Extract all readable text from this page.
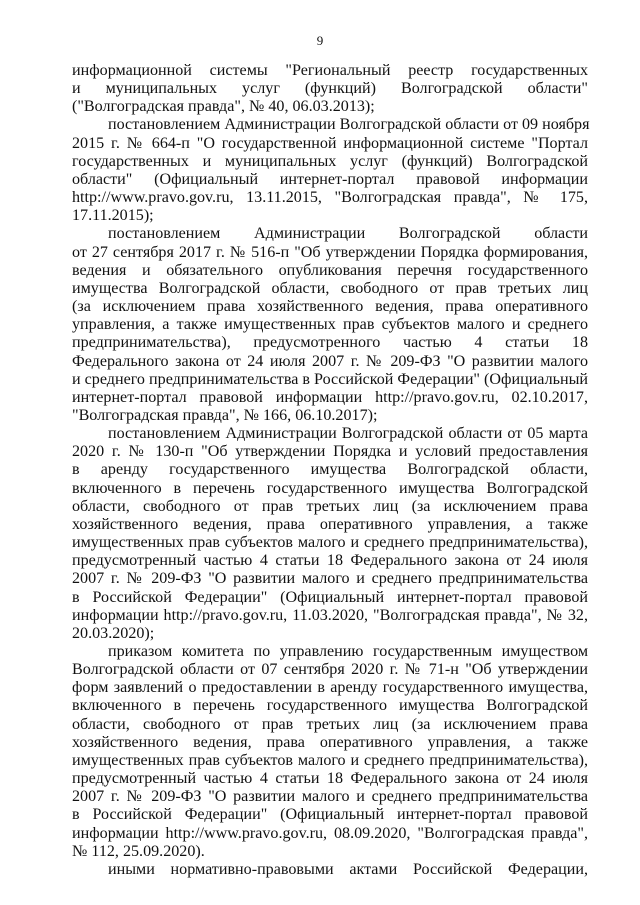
9

информационной системы "Региональный реестр государственных
и муниципальных услуг (функций) Волгоградской области"
("Волгоградская правда", № 40, 06.03.2013);

постановлением Администрации Волгоградской области от 09 ноября
2015 г. № 664-п "О государственной информационной системе "Портал
государственных и муниципальных услуг (функций) Волгоградской
области" (Официальный интернет-портал правовой информации
http://www.pravo.gov.ru, 13.11.2015, "Волгоградская правда", № 175,
17.11.2015);

постановлением Администрации Волгоградской области
от 27 сентября 2017 г. № 516-п "Об утверждении Порядка формирования,
ведения и обязательного опубликования перечня государственного
имущества Волгоградской области, свободного от прав третьих лиц
(за исключением права хозяйственного ведения, права оперативного
управления, а также имущественных прав субъектов малого и среднего
предпринимательства), предусмотренного частью 4 статьи 18
Федерального закона от 24 июля 2007 г. № 209-ФЗ "О развитии малого
и среднего предпринимательства в Российской Федерации" (Официальный
интернет-портал правовой информации http://pravo.gov.ru, 02.10.2017,
"Волгоградская правда", № 166, 06.10.2017);

постановлением Администрации Волгоградской области от 05 марта
2020 г. № 130-п "Об утверждении Порядка и условий предоставления
в аренду государственного имущества Волгоградской области,
включенного в перечень государственного имущества Волгоградской
области, свободного от прав третьих лиц (за исключением права
хозяйственного ведения, права оперативного управления, а также
имущественных прав субъектов малого и среднего предпринимательства),
предусмотренный частью 4 статьи 18 Федерального закона от 24 июля
2007 г. № 209-ФЗ "О развитии малого и среднего предпринимательства
в Российской Федерации" (Официальный интернет-портал правовой
информации http://pravo.gov.ru, 11.03.2020, "Волгоградская правда", № 32,
20.03.2020);

приказом комитета по управлению государственным имуществом
Волгоградской области от 07 сентября 2020 г. № 71-н "Об утверждении
форм заявлений о предоставлении в аренду государственного имущества,
включенного в перечень государственного имущества Волгоградской
области, свободного от прав третьих лиц (за исключением права
хозяйственного ведения, права оперативного управления, а также
имущественных прав субъектов малого и среднего предпринимательства),
предусмотренный частью 4 статьи 18 Федерального закона от 24 июля
2007 г. № 209-ФЗ "О развитии малого и среднего предпринимательства
в Российской Федерации" (Официальный интернет-портал правовой
информации http://www.pravo.gov.ru, 08.09.2020, "Волгоградская правда",
№ 112, 25.09.2020).

иными нормативно-правовыми актами Российской Федерации,
